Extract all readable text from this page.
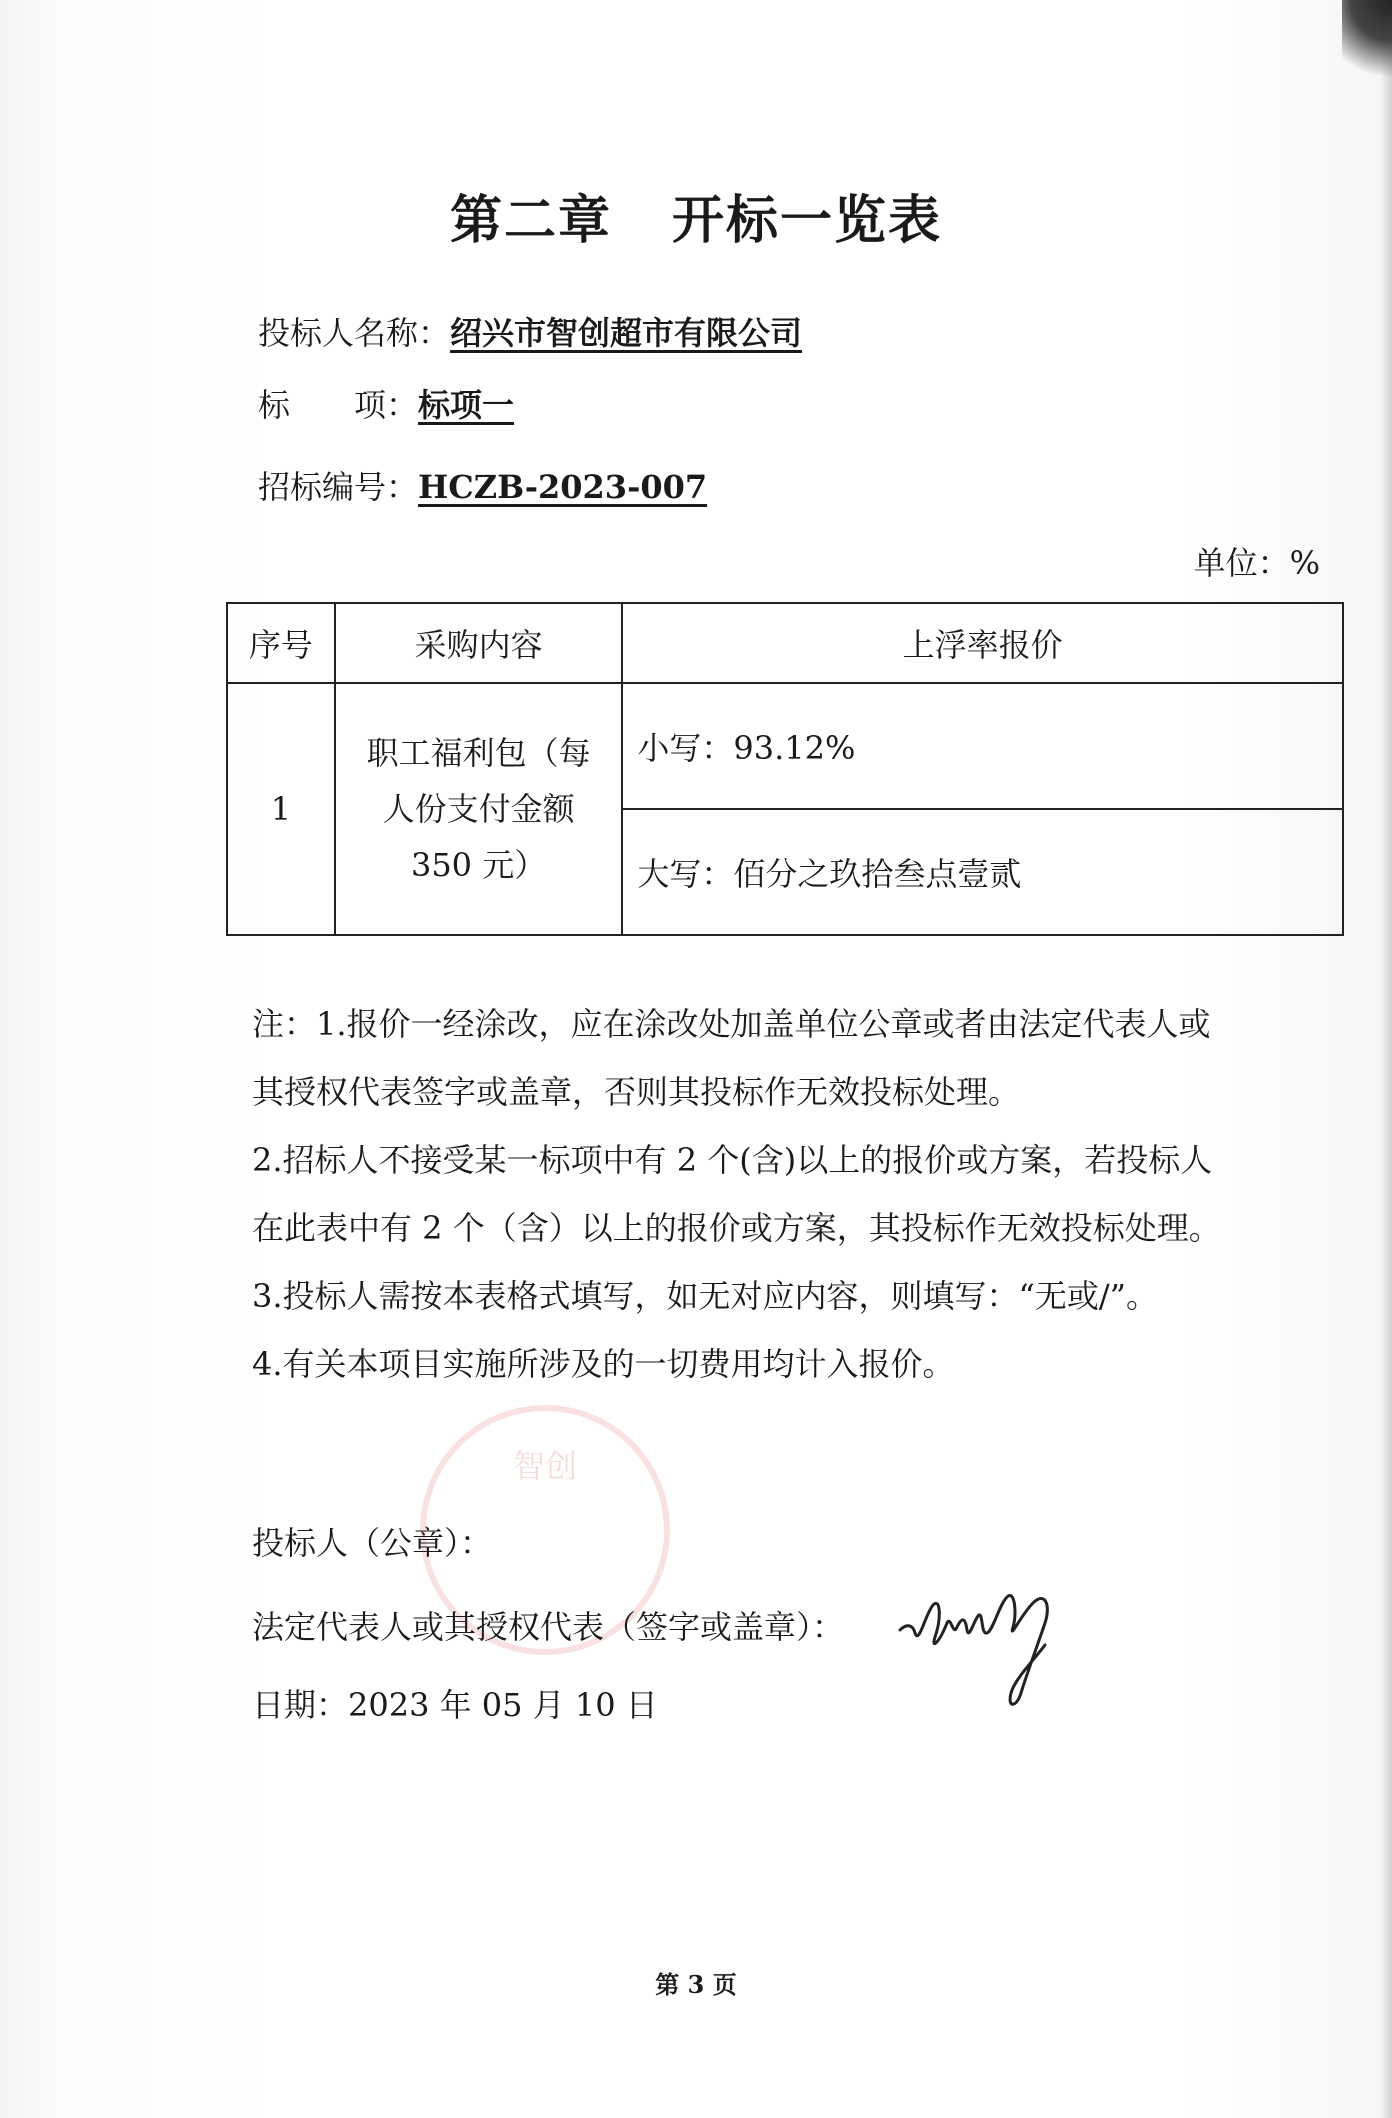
第二章 开标一览表
投标人名称：绍兴市智创超市有限公司
标　　项：标项一
招标编号：HCZB-2023-007
单位：%
序号	采购内容	上浮率报价
1	职工福利包（每
人份支付金额
350 元）	小写：93.12%
		大写：佰分之玖拾叁点壹贰

注：1.报价一经涂改，应在涂改处加盖单位公章或者由法定代表人或

其授权代表签字或盖章，否则其投标作无效投标处理。

2.招标人不接受某一标项中有 2 个(含)以上的报价或方案，若投标人

在此表中有 2 个（含）以上的报价或方案，其投标作无效投标处理。

3.投标人需按本表格式填写，如无对应内容，则填写：“无或/”。

4.有关本项目实施所涉及的一切费用均计入报价。

智创
投标人（公章）：
法定代表人或其授权代表（签字或盖章）：
日期：2023 年 05 月 10 日
第 3 页
